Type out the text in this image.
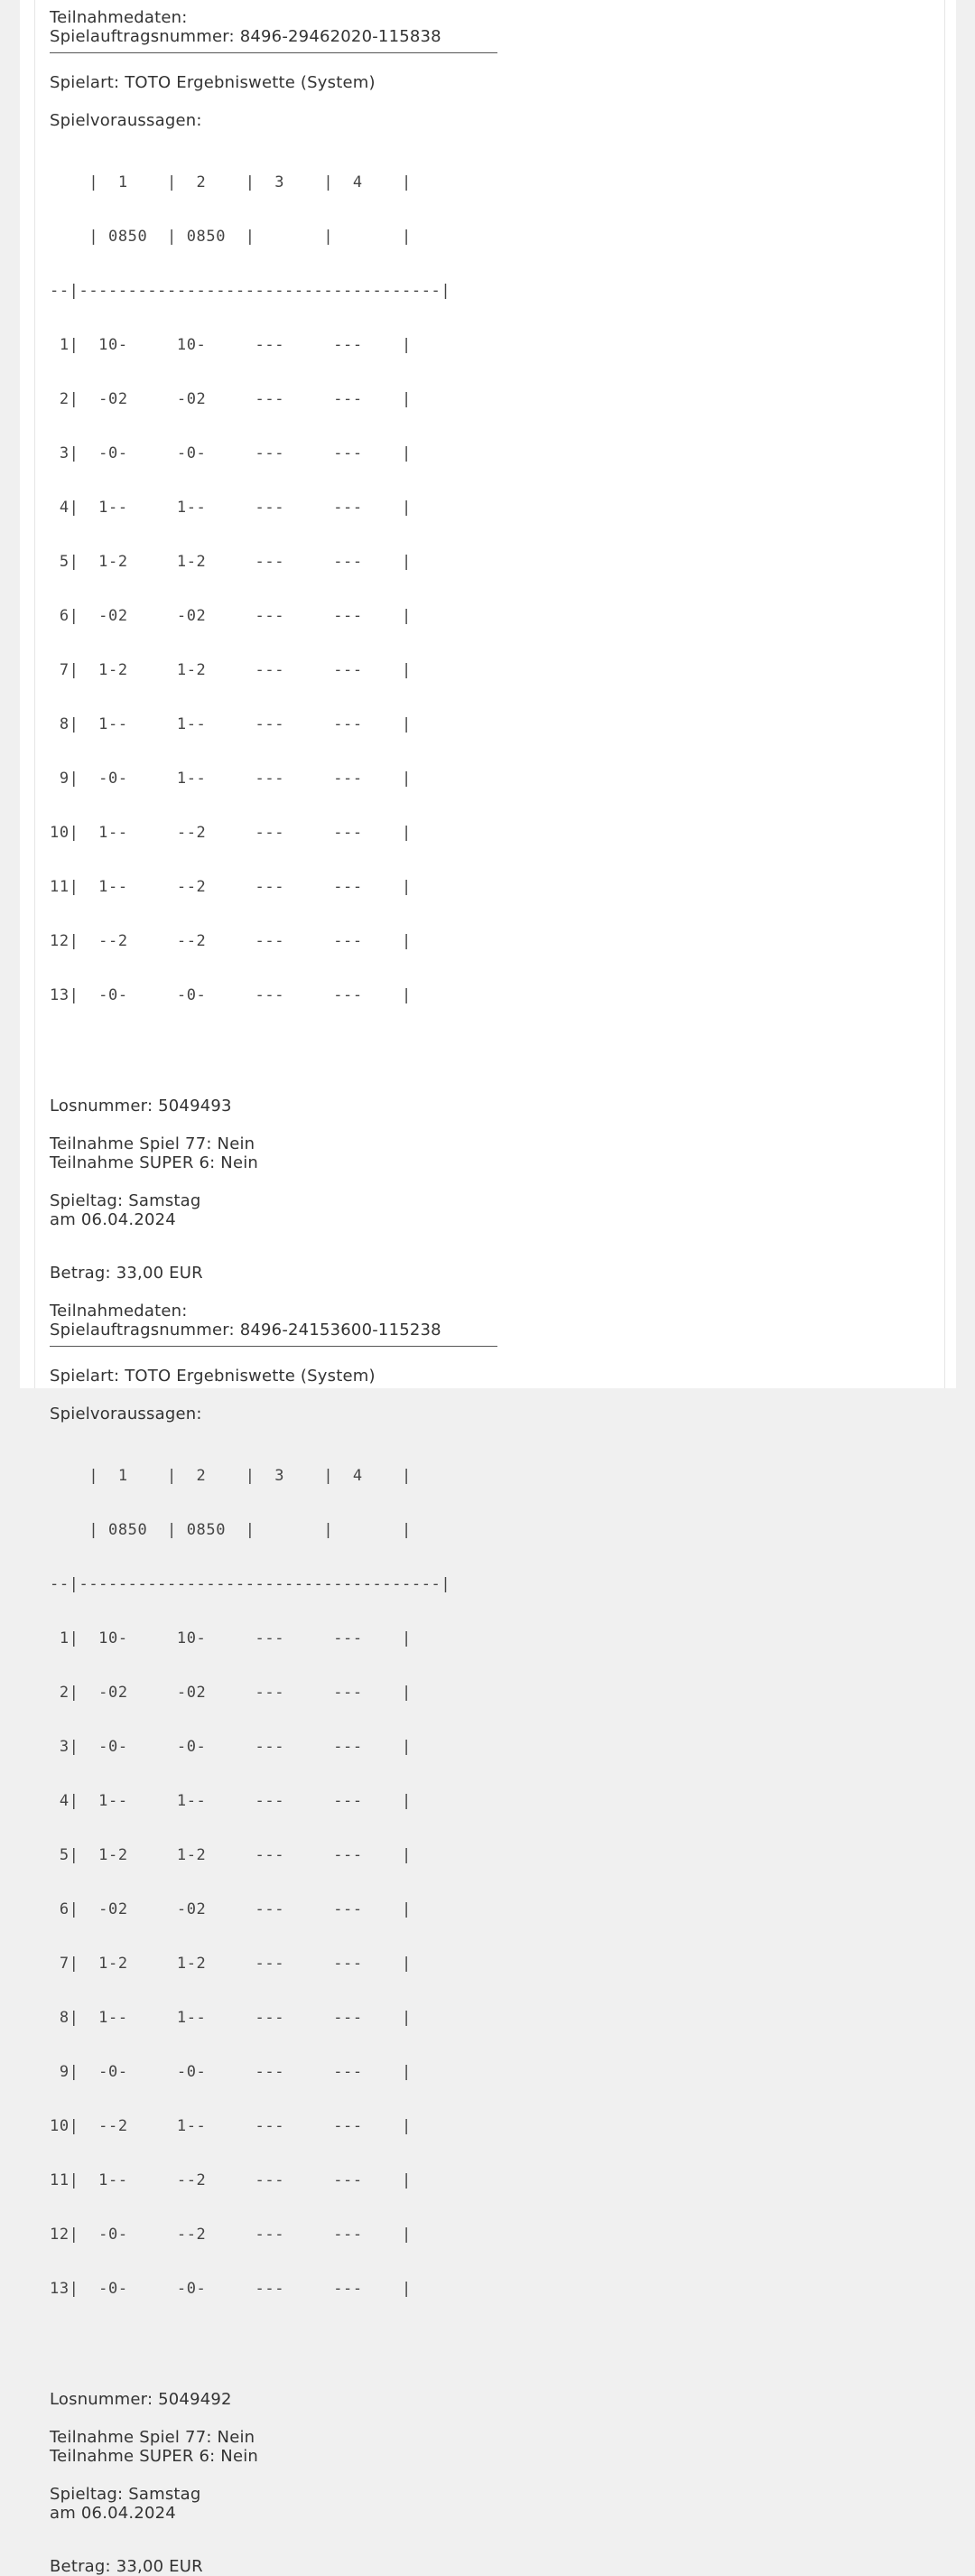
Teilnahmedaten:
Spielauftragsnummer: 8496-29462020-115838
Spielart: TOTO Ergebniswette (System)
Spielvoraussagen:

|  1    |  2    |  3    |  4    |

| 0850  | 0850  |       |       |

--|-------------------------------------|

1|  10-     10-     ---     ---    |

2|  -02     -02     ---     ---    |

3|  -0-     -0-     ---     ---    |

4|  1--     1--     ---     ---    |

5|  1-2     1-2     ---     ---    |

6|  -02     -02     ---     ---    |

7|  1-2     1-2     ---     ---    |

8|  1--     1--     ---     ---    |

9|  -0-     1--     ---     ---    |

10|  1--     --2     ---     ---    |

11|  1--     --2     ---     ---    |

12|  --2     --2     ---     ---    |

13|  -0-     -0-     ---     ---    |

Losnummer: 5049493
Teilnahme Spiel 77: Nein
Teilnahme SUPER 6: Nein
Spieltag: Samstag
am 06.04.2024
Betrag: 33,00 EUR
Teilnahmedaten:
Spielauftragsnummer: 8496-24153600-115238
Spielart: TOTO Ergebniswette (System)
Spielvoraussagen:

|  1    |  2    |  3    |  4    |

| 0850  | 0850  |       |       |

--|-------------------------------------|

1|  10-     10-     ---     ---    |

2|  -02     -02     ---     ---    |

3|  -0-     -0-     ---     ---    |

4|  1--     1--     ---     ---    |

5|  1-2     1-2     ---     ---    |

6|  -02     -02     ---     ---    |

7|  1-2     1-2     ---     ---    |

8|  1--     1--     ---     ---    |

9|  -0-     -0-     ---     ---    |

10|  --2     1--     ---     ---    |

11|  1--     --2     ---     ---    |

12|  -0-     --2     ---     ---    |

13|  -0-     -0-     ---     ---    |

Losnummer: 5049492
Teilnahme Spiel 77: Nein
Teilnahme SUPER 6: Nein
Spieltag: Samstag
am 06.04.2024
Betrag: 33,00 EUR
